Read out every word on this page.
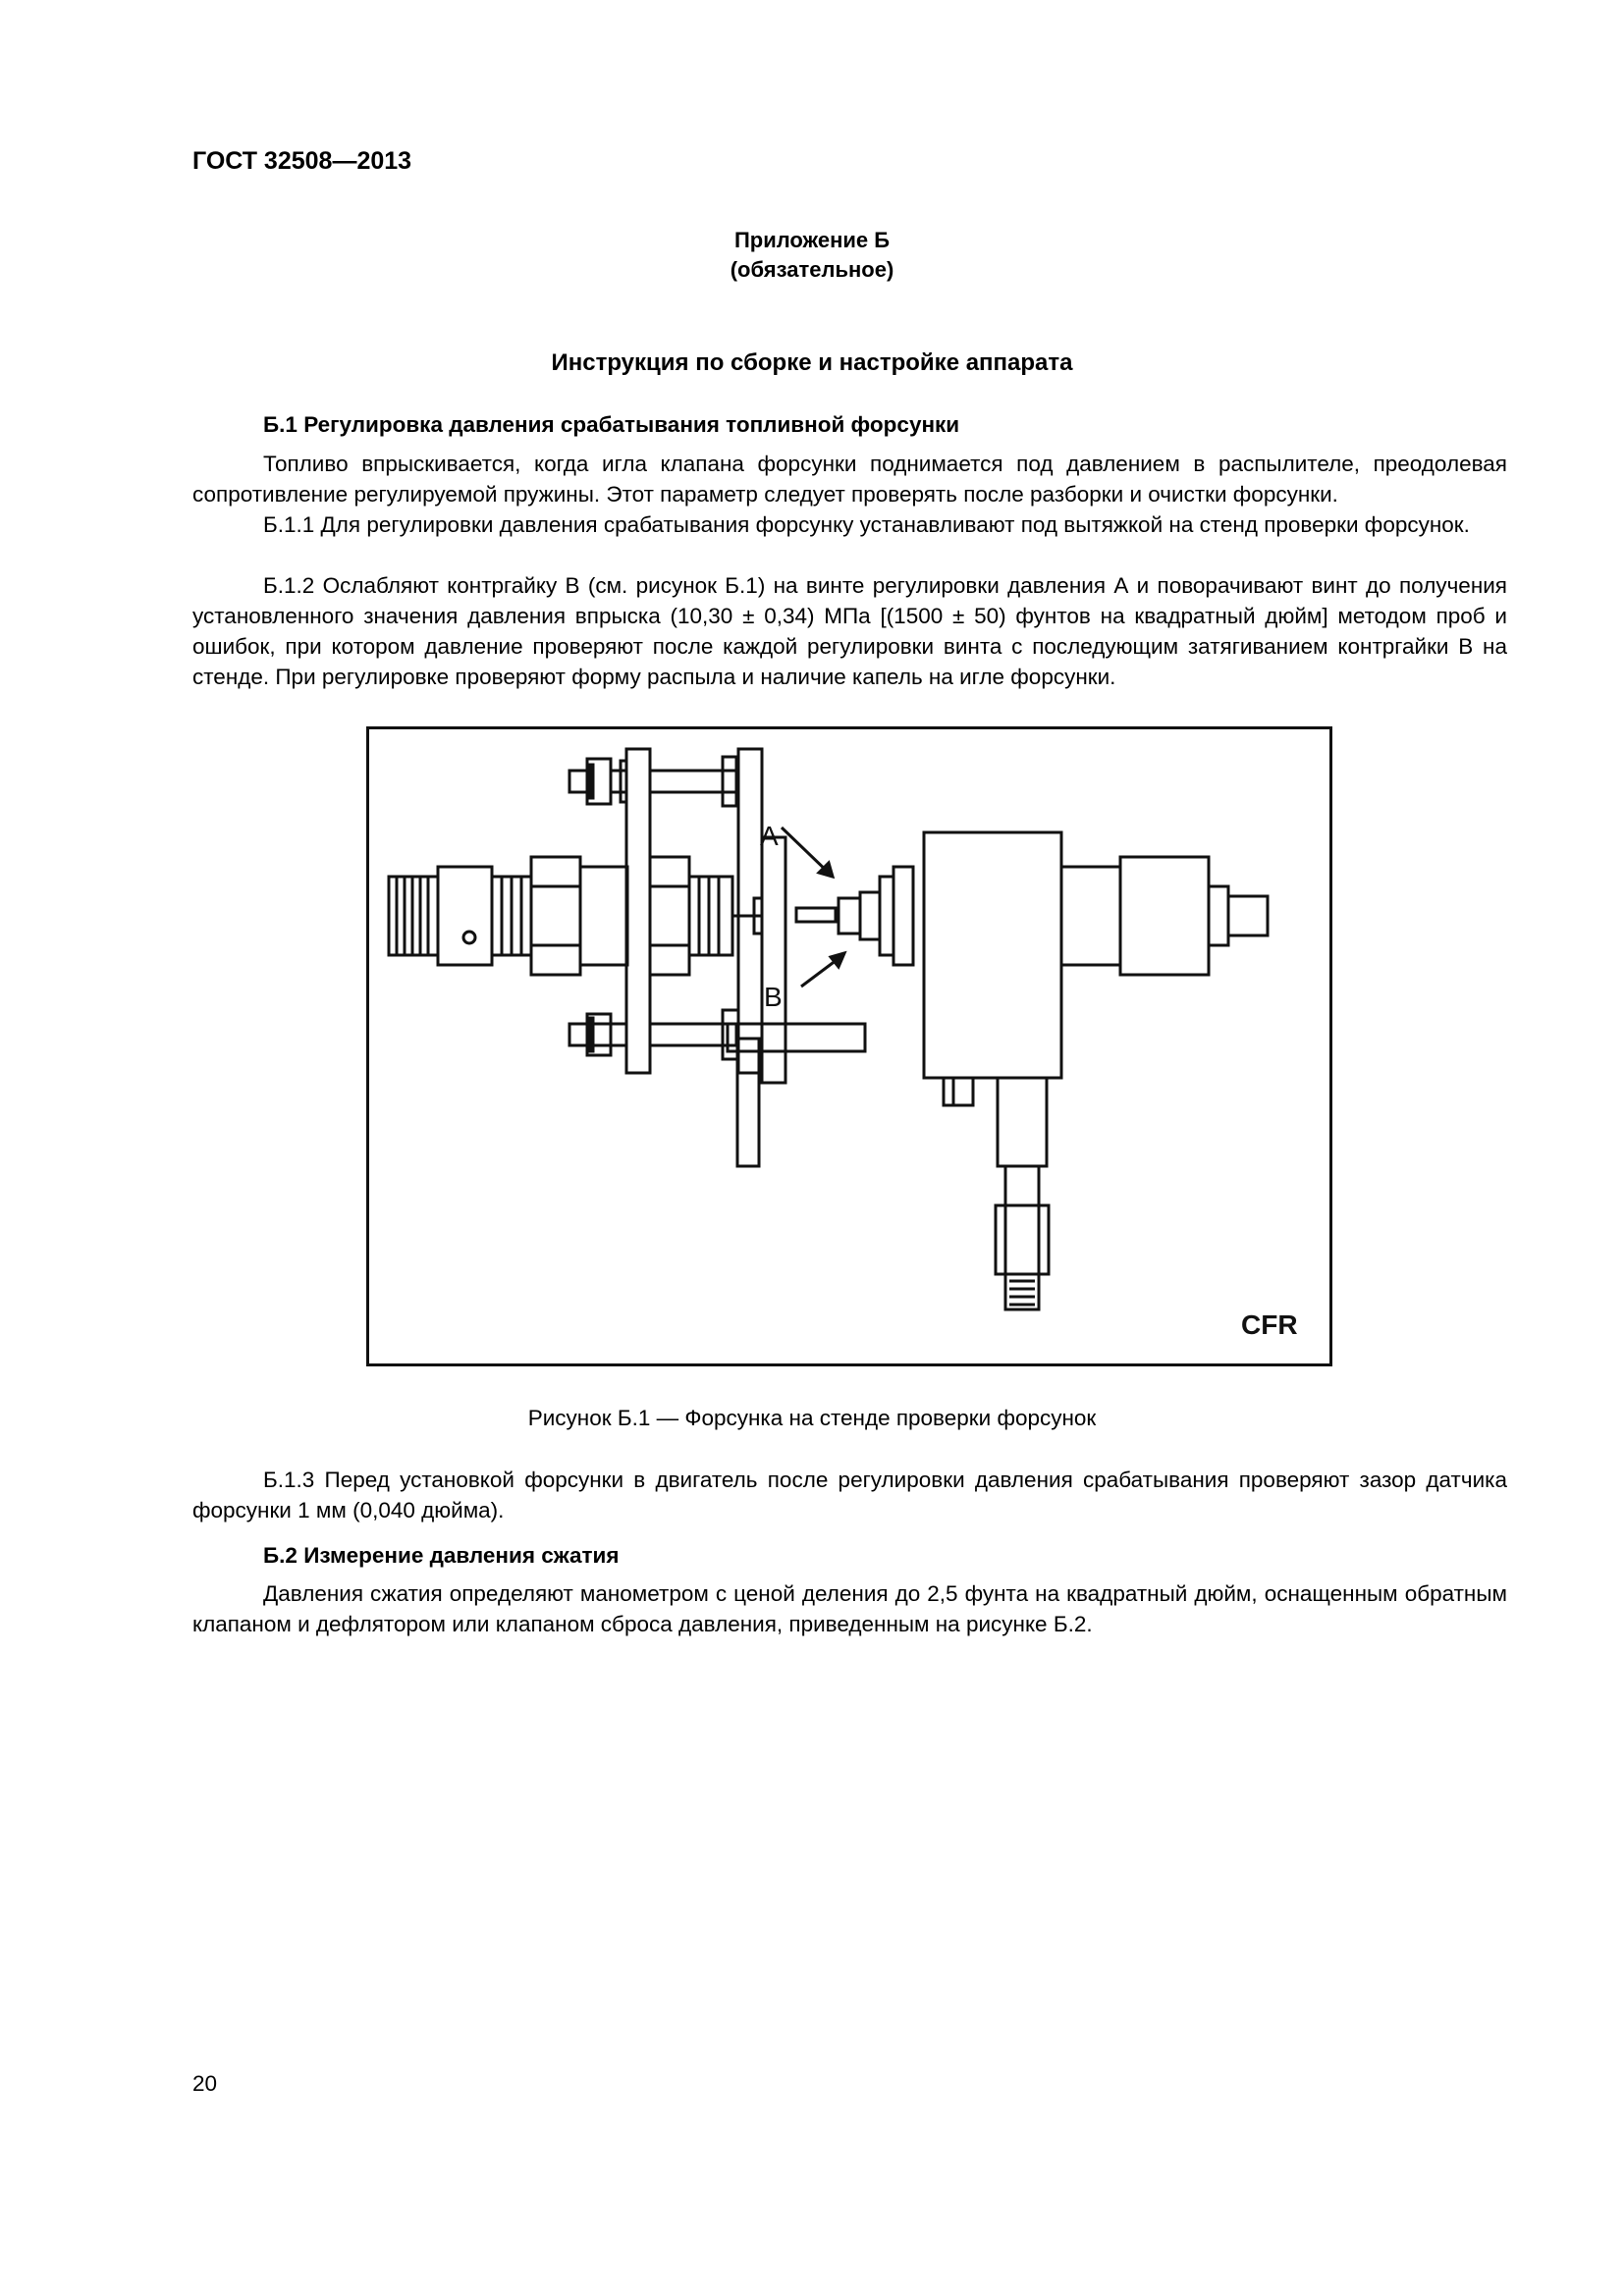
ГОСТ 32508—2013
Приложение Б
(обязательное)
Инструкция по сборке и настройке аппарата
Б.1 Регулировка давления срабатывания топливной форсунки

Топливо впрыскивается, когда игла клапана форсунки поднимается под давлением в распылителе, преодолевая сопротивление регулируемой пружины. Этот параметр следует проверять после разборки и очистки форсунки.

Б.1.1 Для регулировки давления срабатывания форсунку устанавливают под вытяжкой на стенд проверки форсунок.

Б.1.2 Ослабляют контргайку В (см. рисунок Б.1) на винте регулировки давления А и поворачивают винт до получения установленного значения давления впрыска (10,30 ± 0,34) МПа [(1500 ± 50) фунтов на квадратный дюйм] методом проб и ошибок, при котором давление проверяют после каждой регулировки винта с последующим затягиванием контргайки В на стенде. При регулировке проверяют форму распыла и наличие капель на игле форсунки.

A
B
CFR
Рисунок Б.1 — Форсунка на стенде проверки форсунок

Б.1.3 Перед установкой форсунки в двигатель после регулировки давления срабатывания проверяют зазор датчика форсунки 1 мм (0,040 дюйма).

Б.2 Измерение давления сжатия

Давления сжатия определяют манометром с ценой деления до 2,5 фунта на квадратный дюйм, оснащенным обратным клапаном и дефлятором или клапаном сброса давления, приведенным на рисунке Б.2.

20
